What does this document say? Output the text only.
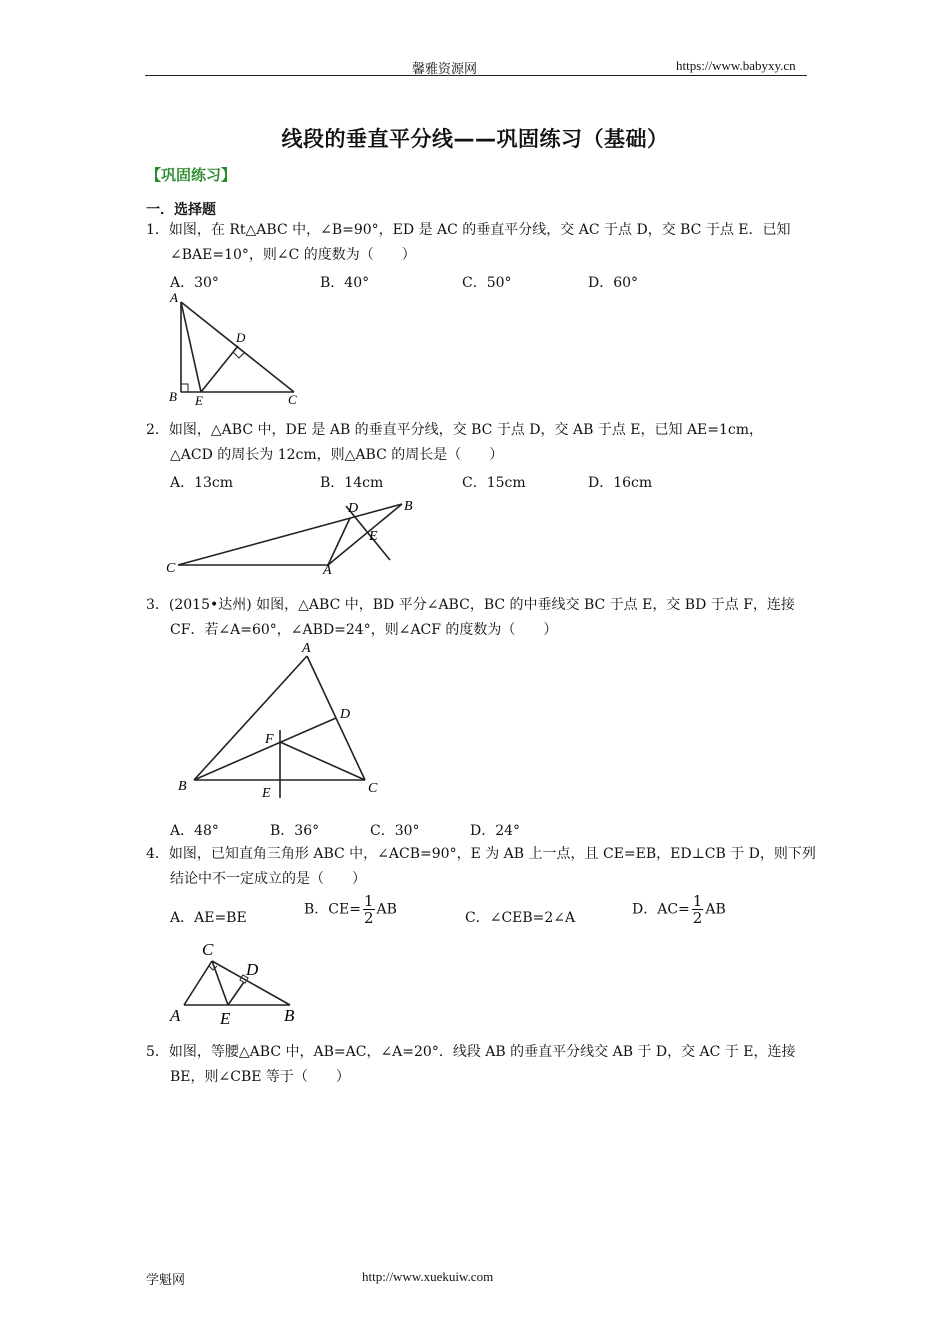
馨雅资源网	https://www.babyxy.cn
线段的垂直平分线——巩固练习（基础）
【巩固练习】
一．选择题
1．如图，在 Rt△ABC 中，∠B=90°，ED 是 AC 的垂直平分线，交 AC 于点 D，交 BC 于点 E．已知
∠BAE=10°，则∠C 的度数为（　　）
A．30°	B．40°	C．50°	D．60°
A
D
B E	C
2．如图，△ABC 中，DE 是 AB 的垂直平分线，交 BC 于点 D，交 AB 于点 E，已知 AE=1cm，
△ACD 的周长为 12cm，则△ABC 的周长是（　　）
A．13cm	B．14cm	C．15cm	D．16cm
D	B
E
C	A
3．(2015•达州) 如图，△ABC 中，BD 平分∠ABC，BC 的中垂线交 BC 于点 E，交 BD 于点 F，连接
CF．若∠A=60°，∠ABD=24°，则∠ACF 的度数为（　　）
A
D
F
B	E	C
A．48°	B．36°	C．30°	D．24°
4．如图，已知直角三角形 ABC 中，∠ACB=90°，E 为 AB 上一点，且 CE=EB，ED⊥CB 于 D，则下列
结论中不一定成立的是（　　）
A．AE=BE
B．$CE= \frac{1}{2}$ AB
C．∠CEB=2∠A
D．$AC= \frac{1}{2}$ AB
C
D
A E	B
5．如图，等腰△ABC 中，AB=AC，∠A=20°．线段 AB 的垂直平分线交 AB 于 D，交 AC 于 E，连接
BE，则∠CBE 等于（　　）
学魁网	http://www.xuekuiw.com
